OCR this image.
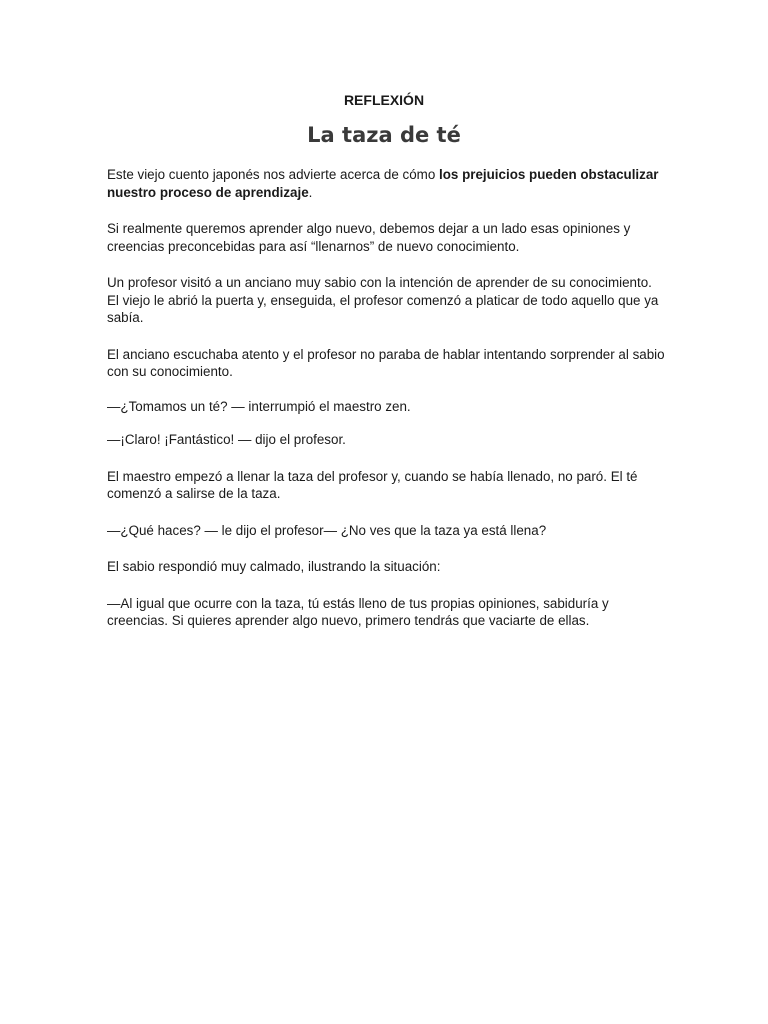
REFLEXIÓN
La taza de té

Este viejo cuento japonés nos advierte acerca de cómo los prejuicios pueden obstaculizar nuestro proceso de aprendizaje.

Si realmente queremos aprender algo nuevo, debemos dejar a un lado esas opiniones y creencias preconcebidas para así “llenarnos” de nuevo conocimiento.

Un profesor visitó a un anciano muy sabio con la intención de aprender de su conocimiento. El viejo le abrió la puerta y, enseguida, el profesor comenzó a platicar de todo aquello que ya sabía.

El anciano escuchaba atento y el profesor no paraba de hablar intentando sorprender al sabio con su conocimiento.

—¿Tomamos un té? — interrumpió el maestro zen.

—¡Claro! ¡Fantástico! — dijo el profesor.

El maestro empezó a llenar la taza del profesor y, cuando se había llenado, no paró. El té comenzó a salirse de la taza.

—¿Qué haces? — le dijo el profesor— ¿No ves que la taza ya está llena?

El sabio respondió muy calmado, ilustrando la situación:

—Al igual que ocurre con la taza, tú estás lleno de tus propias opiniones, sabiduría y creencias. Si quieres aprender algo nuevo, primero tendrás que vaciarte de ellas.
